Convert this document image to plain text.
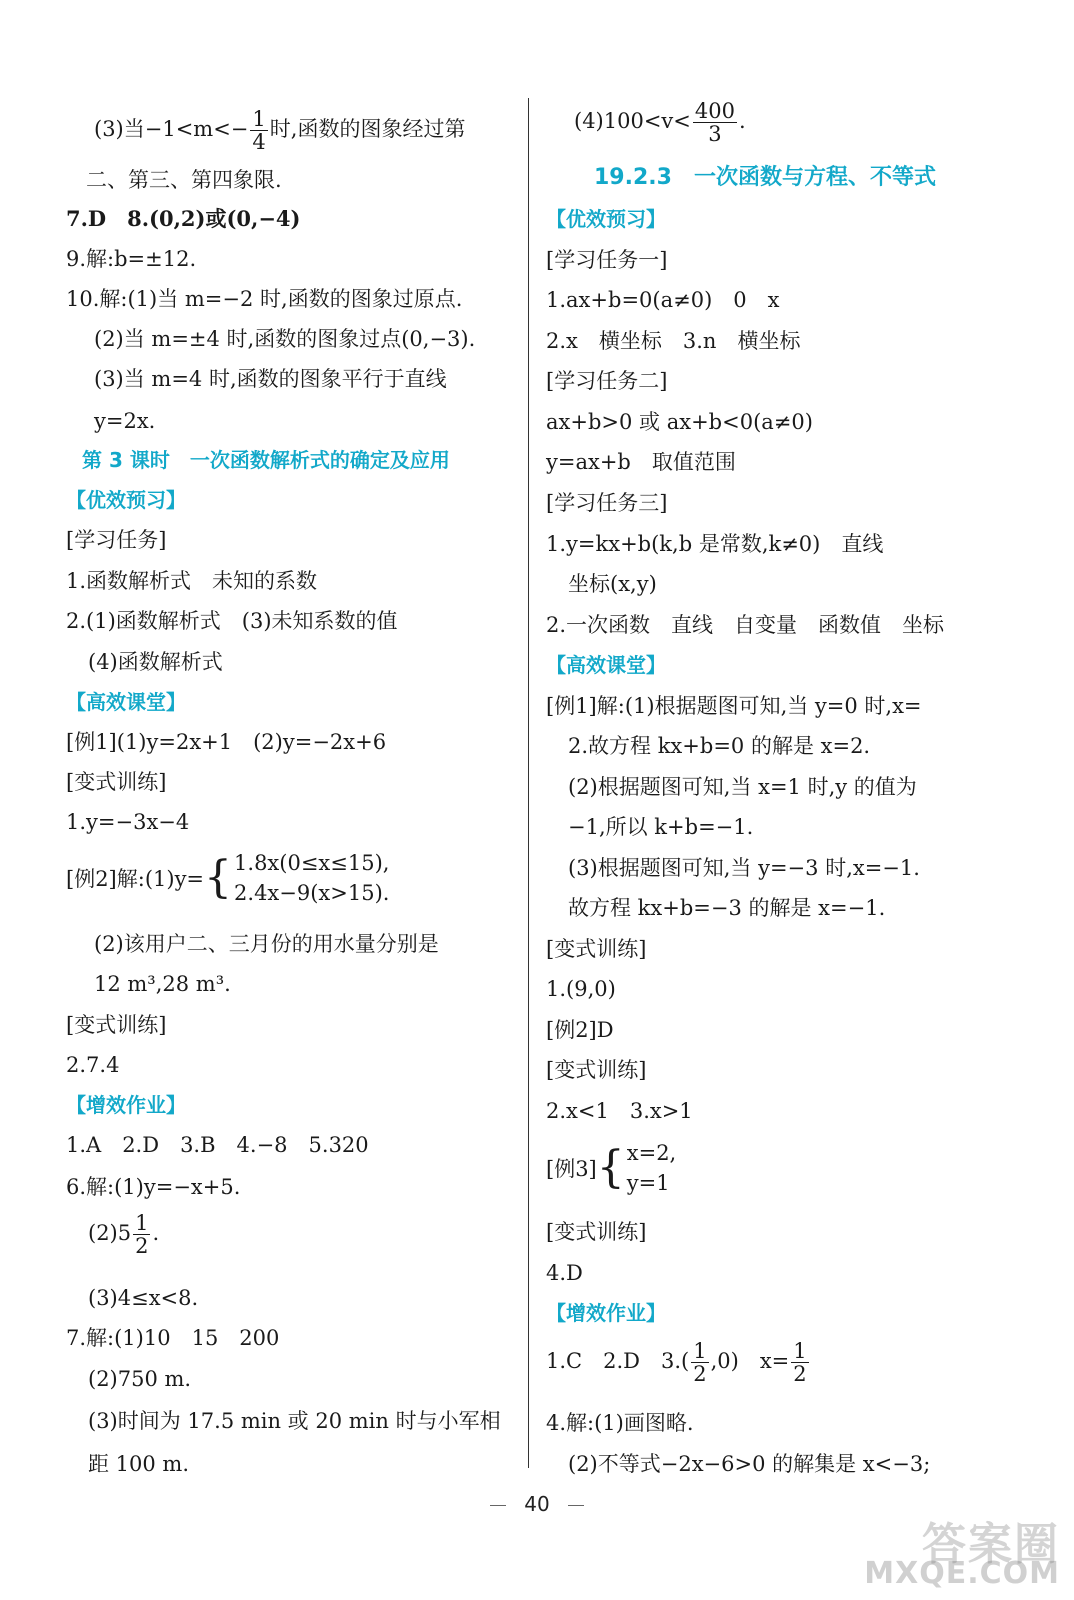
(3)当$-1<m<- \frac{1}{4}$ 时,函数的图象经过第
二、第三、第四象限.
7.D　8.(0,2)或(0,−4)
9.解:b=±12.
10.解:(1)当 m=−2 时,函数的图象过原点.
(2)当 m=±4 时,函数的图象过点(0,−3).
(3)当 m=4 时,函数的图象平行于直线
y=2x.
第 3 课时　一次函数解析式的确定及应用
【优效预习】
[学习任务]
1.函数解析式　未知的系数
2.(1)函数解析式　(3)未知系数的值
(4)函数解析式
【高效课堂】
[例1](1)y=2x+1　(2)y=−2x+6
[变式训练]
1.y=−3x−4
[例2]解:(1)y= { 1.8x(0≤x≤15),
2.4x−9(x>15).
(2)该用户二、三月份的用水量分别是
12 m³,28 m³.
[变式训练]
2.7.4
【增效作业】
1.A　2.D　3.B　4.−8　5.320
6.解:(1)y=−x+5.
$(2)5 \frac{1}{2}$ .
(3)4≤x<8.
7.解:(1)10　15　200
(2)750 m.
(3)时间为 17.5 min 或 20 min 时与小军相
距 100 m.
$(4)100<v< \frac{400}{3}$ .
19.2.3　一次函数与方程、不等式
【优效预习】
[学习任务一]
1.ax+b=0(a≠0)　0　x
2.x　横坐标　3.n　横坐标
[学习任务二]
ax+b>0 或 ax+b<0(a≠0)
y=ax+b　取值范围
[学习任务三]
1.y=kx+b(k,b 是常数,k≠0)　直线
坐标(x,y)
2.一次函数　直线　自变量　函数值　坐标
【高效课堂】
[例1]解:(1)根据题图可知,当 y=0 时,x=
2.故方程 kx+b=0 的解是 x=2.
(2)根据题图可知,当 x=1 时,y 的值为
−1,所以 k+b=−1.
(3)根据题图可知,当 y=−3 时,x=−1.
故方程 kx+b=−3 的解是 x=−1.
[变式训练]
1.(9,0)
[例2]D
[变式训练]
2.x<1　3.x>1
[例3] { x=2,
y=1
[变式训练]
4.D
【增效作业】
1.C　2.D　$3.( \frac{1}{2} ,0)$　$x= \frac{1}{2}$
4.解:(1)画图略.
(2)不等式−2x−6>0 的解集是 x<−3;
40
答案圈
MXQE.COM
